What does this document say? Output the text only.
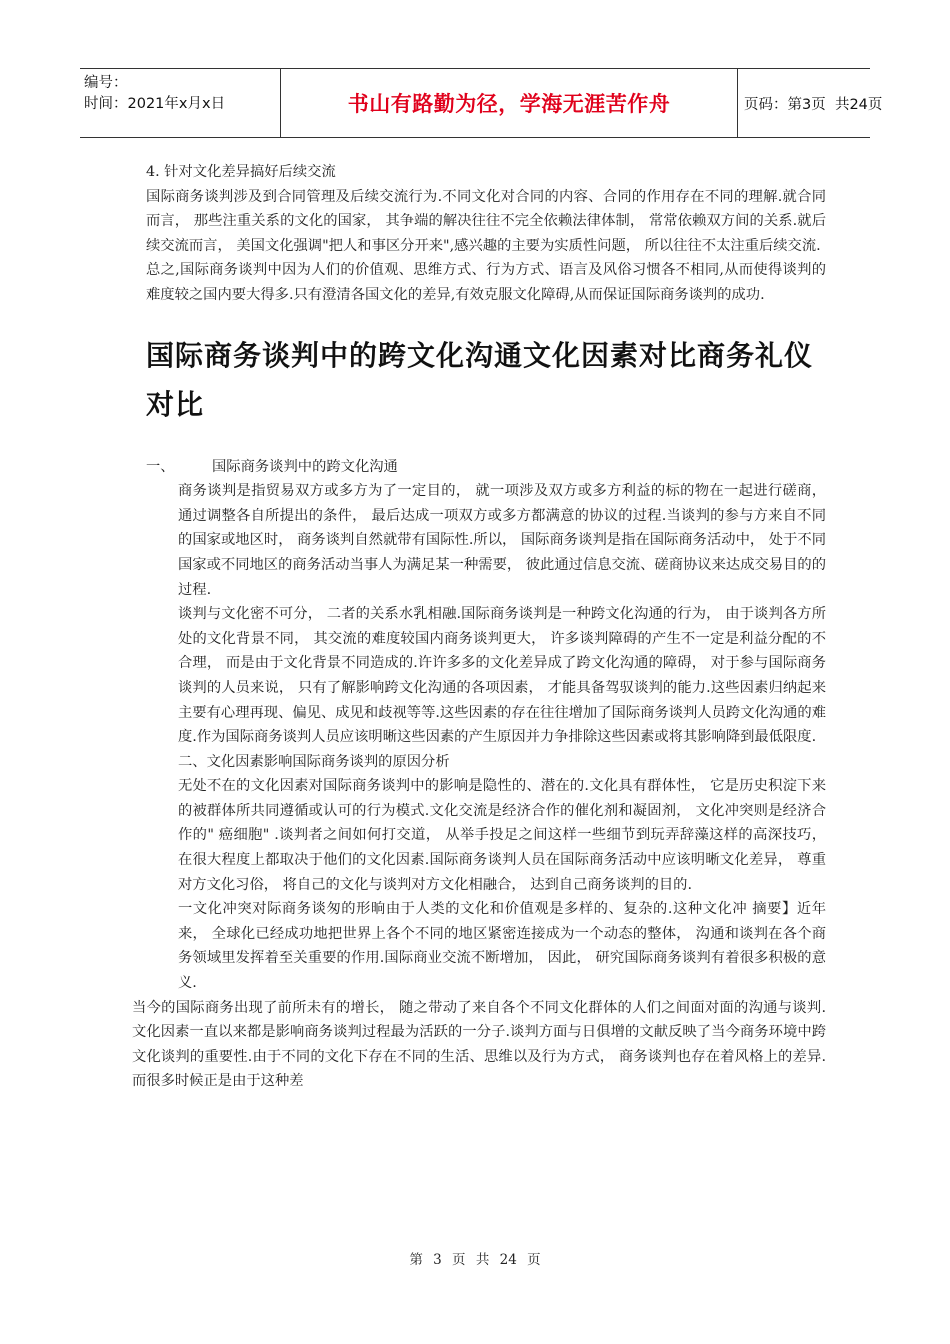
编号：
时间：2021年x月x日	书山有路勤为径，学海无涯苦作舟	页码：第3页  共24页

4. 针对文化差异搞好后续交流

国际商务谈判涉及到合同管理及后续交流行为.不同文化对合同的内容、合同的作用存在不同的理解.就合同而言， 那些注重关系的文化的国家， 其争端的解决往往不完全依赖法律体制， 常常依赖双方间的关系.就后续交流而言， 美国文化强调"把人和事区分开来",感兴趣的主要为实质性问题， 所以往往不太注重后续交流.

总之,国际商务谈判中因为人们的价值观、思维方式、行为方式、语言及风俗习惯各不相同,从而使得谈判的难度较之国内要大得多.只有澄清各国文化的差异,有效克服文化障碍,从而保证国际商务谈判的成功.

国际商务谈判中的跨文化沟通文化因素对比商务礼仪对比

一、	国际商务谈判中的跨文化沟通

商务谈判是指贸易双方或多方为了一定目的， 就一项涉及双方或多方利益的标的物在一起进行磋商， 通过调整各自所提出的条件， 最后达成一项双方或多方都满意的协议的过程.当谈判的参与方来自不同的国家或地区时， 商务谈判自然就带有国际性.所以， 国际商务谈判是指在国际商务活动中， 处于不同国家或不同地区的商务活动当事人为满足某一种需要， 彼此通过信息交流、磋商协议来达成交易目的的过程.

谈判与文化密不可分， 二者的关系水乳相融.国际商务谈判是一种跨文化沟通的行为， 由于谈判各方所处的文化背景不同， 其交流的难度较国内商务谈判更大， 许多谈判障碍的产生不一定是利益分配的不合理， 而是由于文化背景不同造成的.许许多多的文化差异成了跨文化沟通的障碍， 对于参与国际商务谈判的人员来说， 只有了解影响跨文化沟通的各项因素， 才能具备驾驭谈判的能力.这些因素归纳起来主要有心理再现、偏见、成见和歧视等等.这些因素的存在往往增加了国际商务谈判人员跨文化沟通的难度.作为国际商务谈判人员应该明晰这些因素的产生原因并力争排除这些因素或将其影响降到最低限度.

二、文化因素影响国际商务谈判的原因分析

无处不在的文化因素对国际商务谈判中的影响是隐性的、潜在的.文化具有群体性， 它是历史积淀下来的被群体所共同遵循或认可的行为模式.文化交流是经济合作的催化剂和凝固剂， 文化冲突则是经济合作的" 癌细胞" .谈判者之间如何打交道， 从举手投足之间这样一些细节到玩弄辞藻这样的高深技巧， 在很大程度上都取决于他们的文化因素.国际商务谈判人员在国际商务活动中应该明晰文化差异， 尊重对方文化习俗， 将自己的文化与谈判对方文化相融合， 达到自己商务谈判的目的.

一文化冲突对际商务谈匆的形晌由于人类的文化和价值观是多样的、复杂的.这种文化冲 摘要】近年来， 全球化已经成功地把世界上各个不同的地区紧密连接成为一个动态的整体， 沟通和谈判在各个商务领域里发挥着至关重要的作用.国际商业交流不断增加， 因此， 研究国际商务谈判有着很多积极的意义.

当今的国际商务出现了前所未有的增长， 随之带动了来自各个不同文化群体的人们之间面对面的沟通与谈判.文化因素一直以来都是影响商务谈判过程最为活跃的一分子.谈判方面与日俱增的文献反映了当今商务环境中跨文化谈判的重要性.由于不同的文化下存在不同的生活、思维以及行为方式， 商务谈判也存在着风格上的差异.而很多时候正是由于这种差

第 3 页 共 24 页
